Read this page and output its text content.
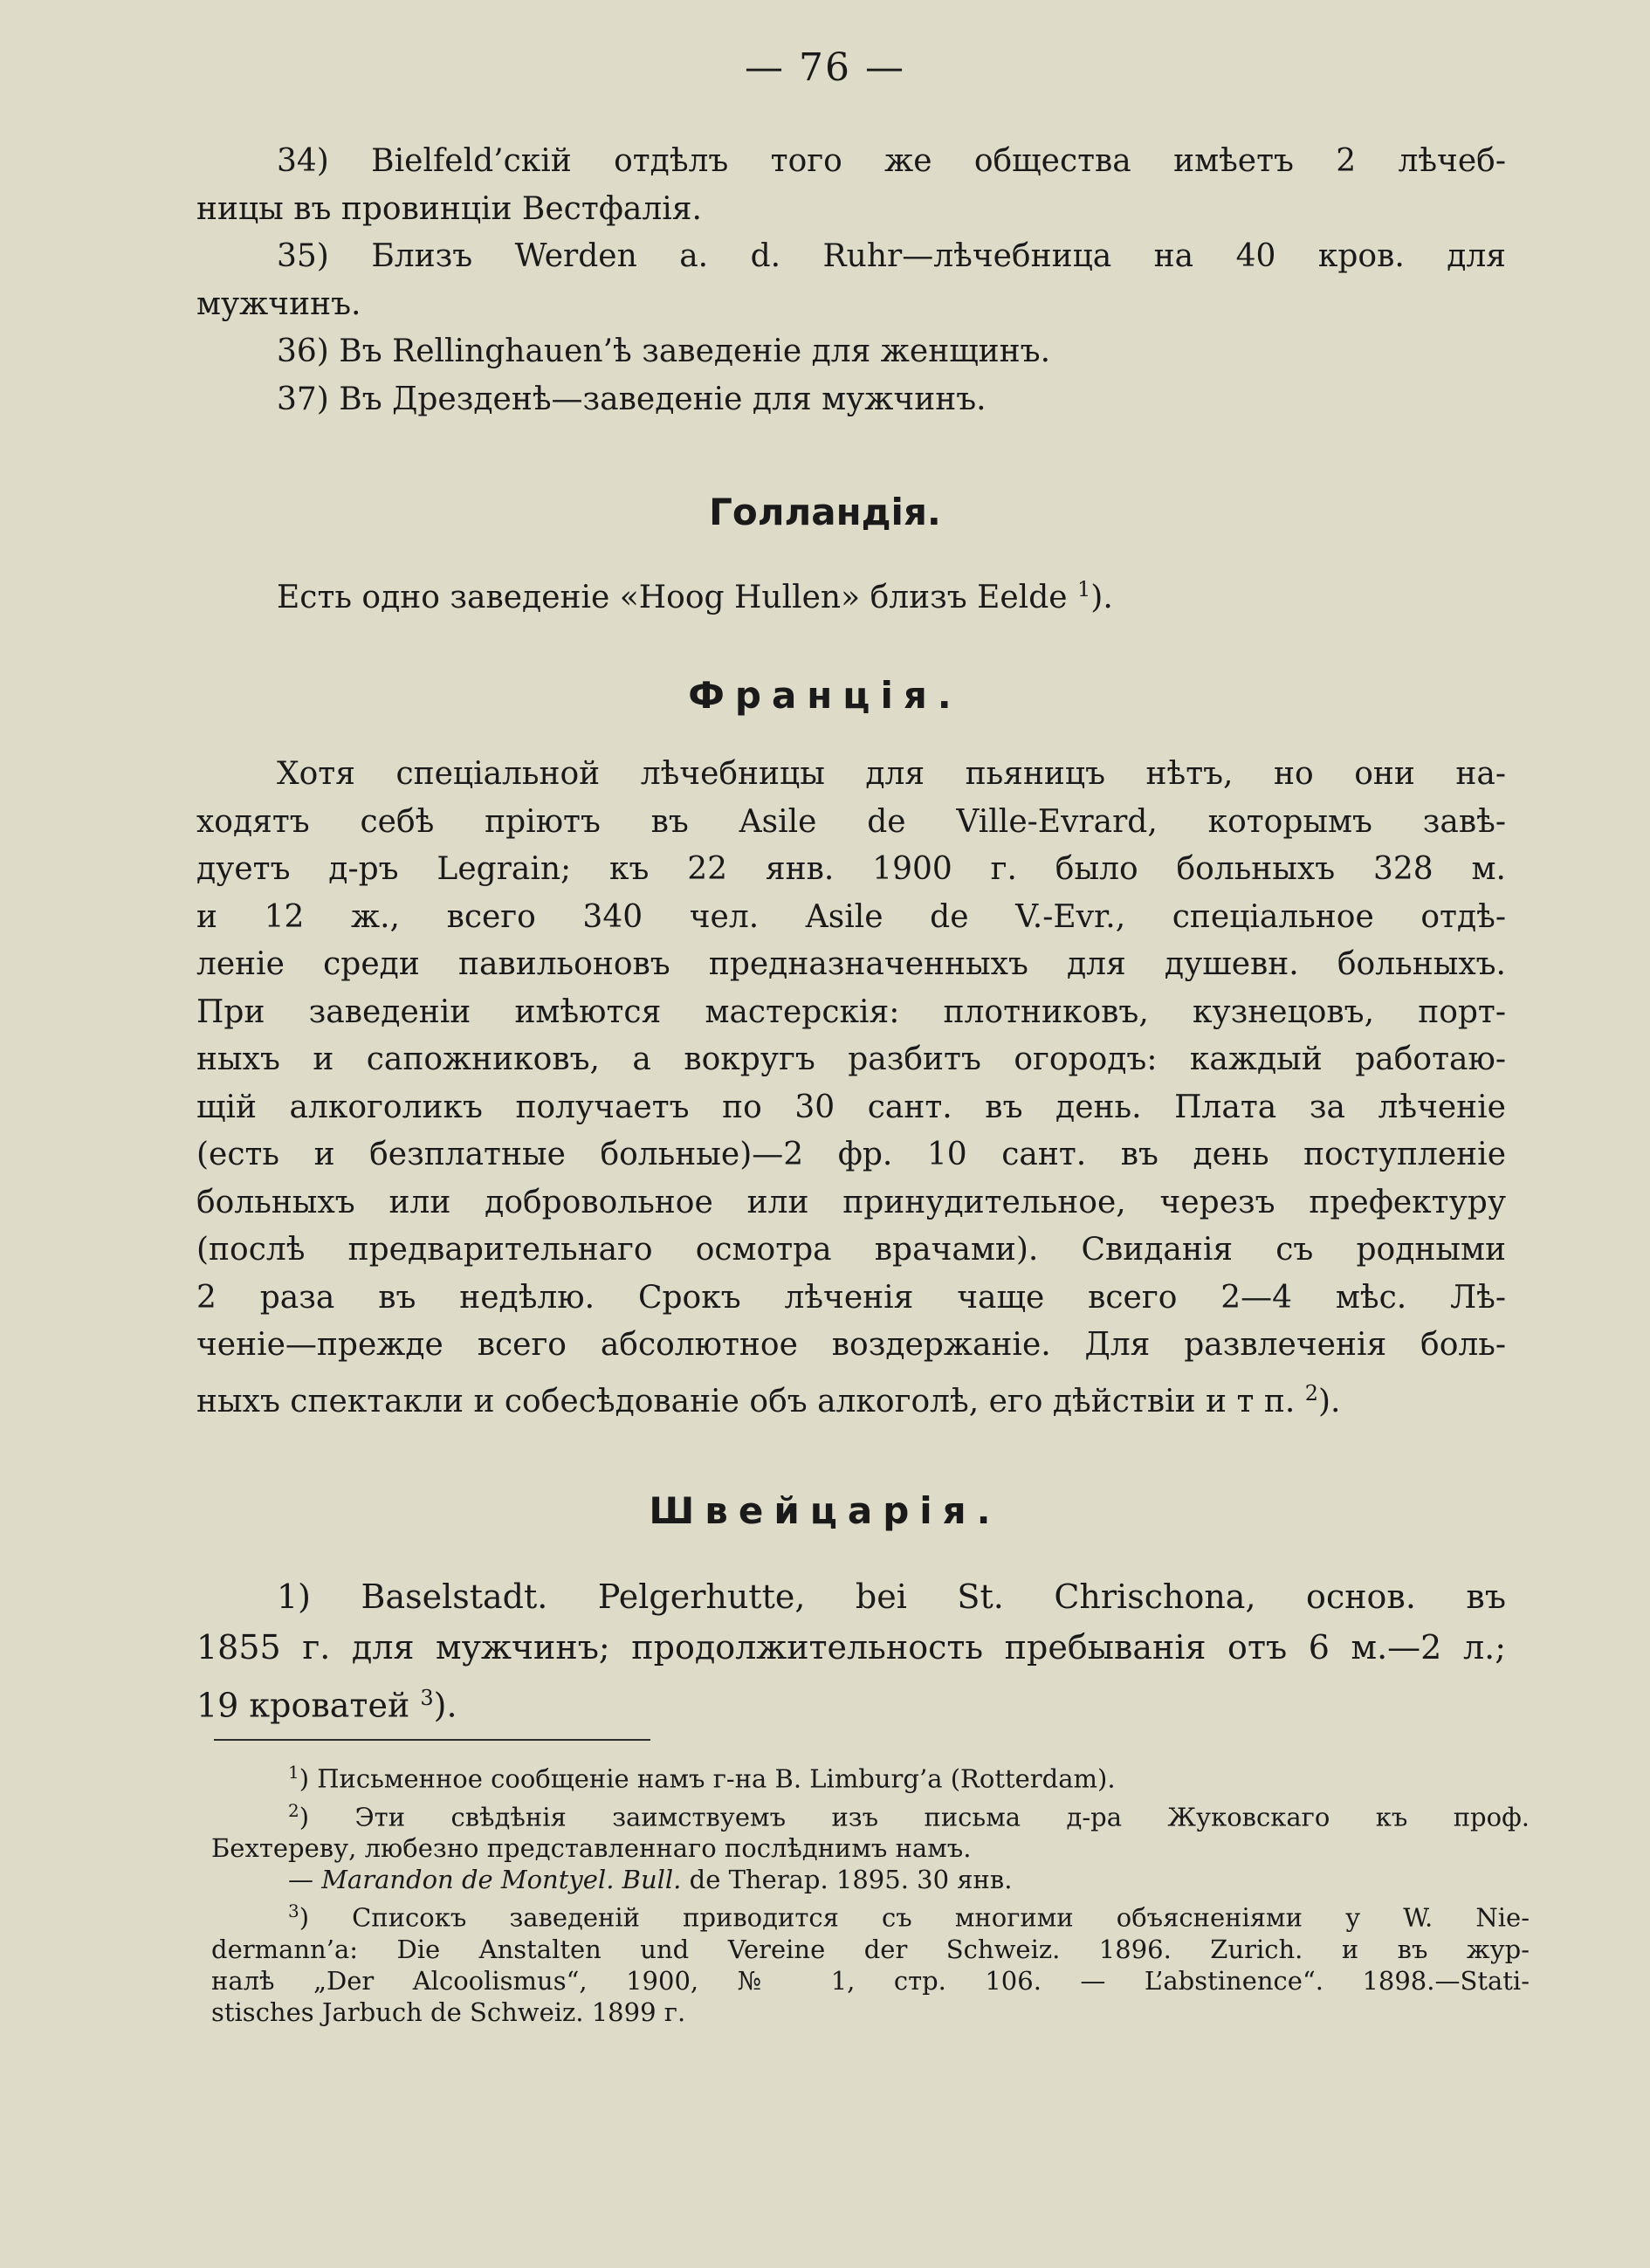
— 76 —

34) Bielfeld’скій отдѣлъ того же общества имѣетъ 2 лѣчеб-

ницы въ провинціи Вестфалія.

35) Близъ Werden a. d. Ruhr—лѣчебница на 40 кров. для

мужчинъ.

36) Въ Rellinghauen’ѣ заведеніе для женщинъ.

37) Въ Дрезденѣ—заведеніе для мужчинъ.

Голландія.

Есть одно заведеніе «Hoog Hullen» близъ Eelde $^1$).

Франція.

Хотя спеціальной лѣчебницы для пьяницъ нѣтъ, но они на-

ходятъ себѣ пріютъ въ Asile de Ville-Evrard, которымъ завѣ-

дуетъ д-ръ Legrain; къ 22 янв. 1900 г. было больныхъ 328 м.

и 12 ж., всего 340 чел. Asile de V.-Evr., спеціальное отдѣ-

леніе среди павильоновъ предназначенныхъ для душевн. больныхъ.

При заведеніи имѣются мастерскія: плотниковъ, кузнецовъ, порт-

ныхъ и сапожниковъ, а вокругъ разбитъ огородъ: каждый работаю-

щій алкоголикъ получаетъ по 30 сант. въ день. Плата за лѣченіе

(есть и безплатные больные)—2 фр. 10 сант. въ день поступленіе

больныхъ или добровольное или принудительное, черезъ префектуру

(послѣ предварительнаго осмотра врачами). Свиданія съ родными

2 раза въ недѣлю. Срокъ лѣченія чаще всего 2—4 мѣс. Лѣ-

ченіе—прежде всего абсолютное воздержаніе. Для развлеченія боль-

ныхъ спектакли и собесѣдованіе объ алкоголѣ, его дѣйствіи и т п. $^2$).

Швейцарія.

1) Baselstadt. Pelgerhutte, bei St. Chrischona, основ. въ

1855 г. для мужчинъ; продолжительность пребыванія отъ 6 м.—2 л.;

19 кроватей $^3$).

$^1$) Письменное сообщеніе намъ г-на B. Limburg’a (Rotterdam).

$^2$) Эти свѣдѣнія заимствуемъ изъ письма д-ра Жуковскаго къ проф.

Бехтереву, любезно представленнаго послѣднимъ намъ.

— Marandon de Montyel. Bull. de Therap. 1895. 30 янв.

$^3$) Списокъ заведеній приводится съ многими объясненіями у W. Nie-

dermann’a: Die Anstalten und Vereine der Schweiz. 1896. Zurich. и въ жур-

налѣ „Der Alcoolismus“, 1900, № 1, стр. 106. — L’abstinence“. 1898.—Stati-

stisches Jarbuch de Schweiz. 1899 г.
